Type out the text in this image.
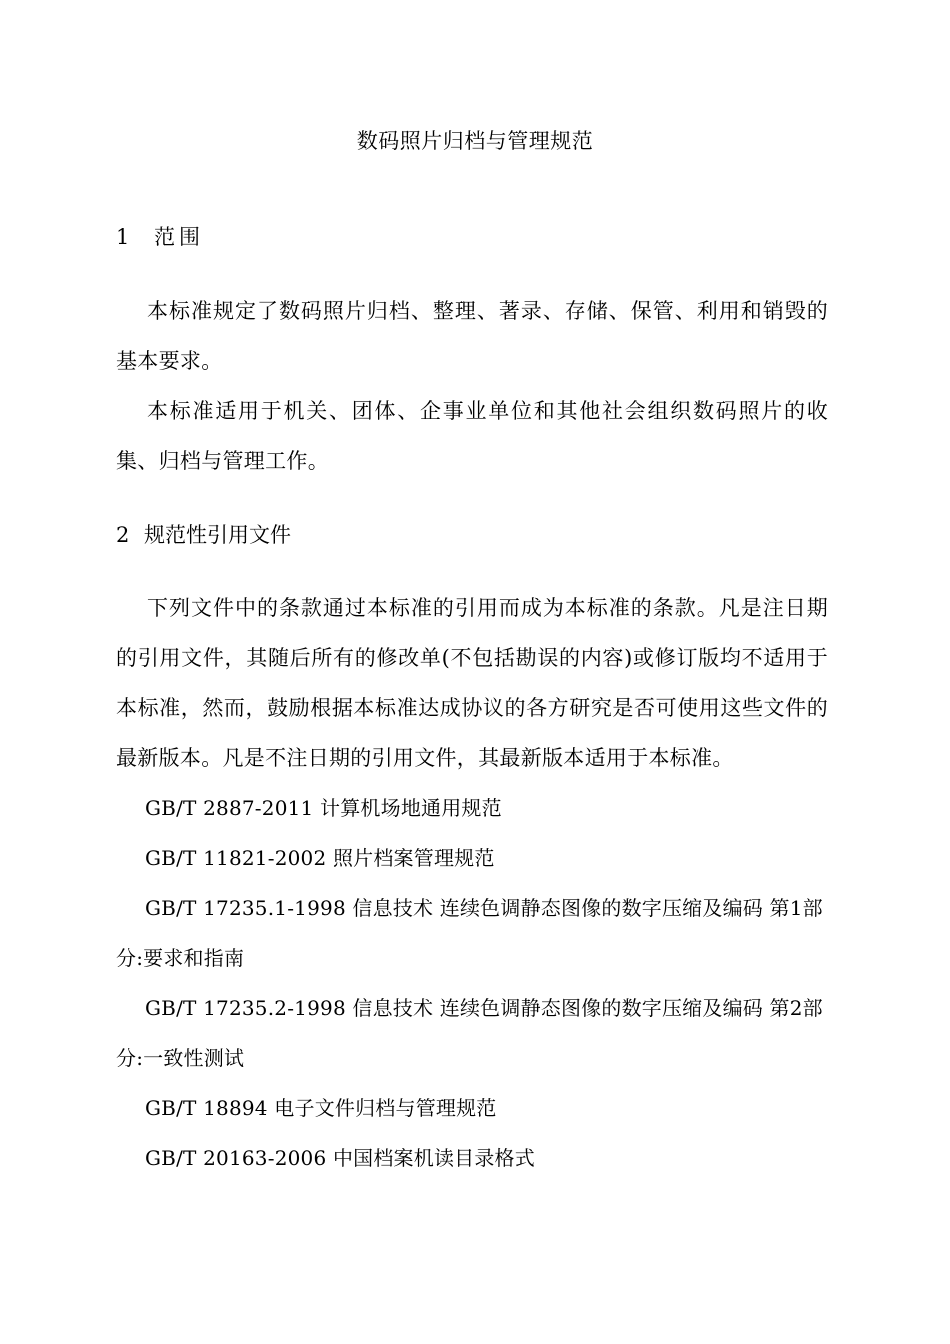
数码照片归档与管理规范
1 范围

本标准规定了数码照片归档、整理、著录、存储、保管、利用和销毁的基本要求。

本标准适用于机关、团体、企事业单位和其他社会组织数码照片的收集、归档与管理工作。

2 规范性引用文件

下列文件中的条款通过本标准的引用而成为本标准的条款。凡是注日期的引用文件，其随后所有的修改单(不包括勘误的内容)或修订版均不适用于本标准，然而，鼓励根据本标准达成协议的各方研究是否可使用这些文件的最新版本。凡是不注日期的引用文件，其最新版本适用于本标准。

GB/T 2887-2011 计算机场地通用规范

GB/T 11821-2002 照片档案管理规范

GB/T 17235.1-1998 信息技术 连续色调静态图像的数字压缩及编码 第1部分:要求和指南

GB/T 17235.2-1998 信息技术 连续色调静态图像的数字压缩及编码 第2部分:一致性测试

GB/T 18894 电子文件归档与管理规范

GB/T 20163-2006 中国档案机读目录格式
